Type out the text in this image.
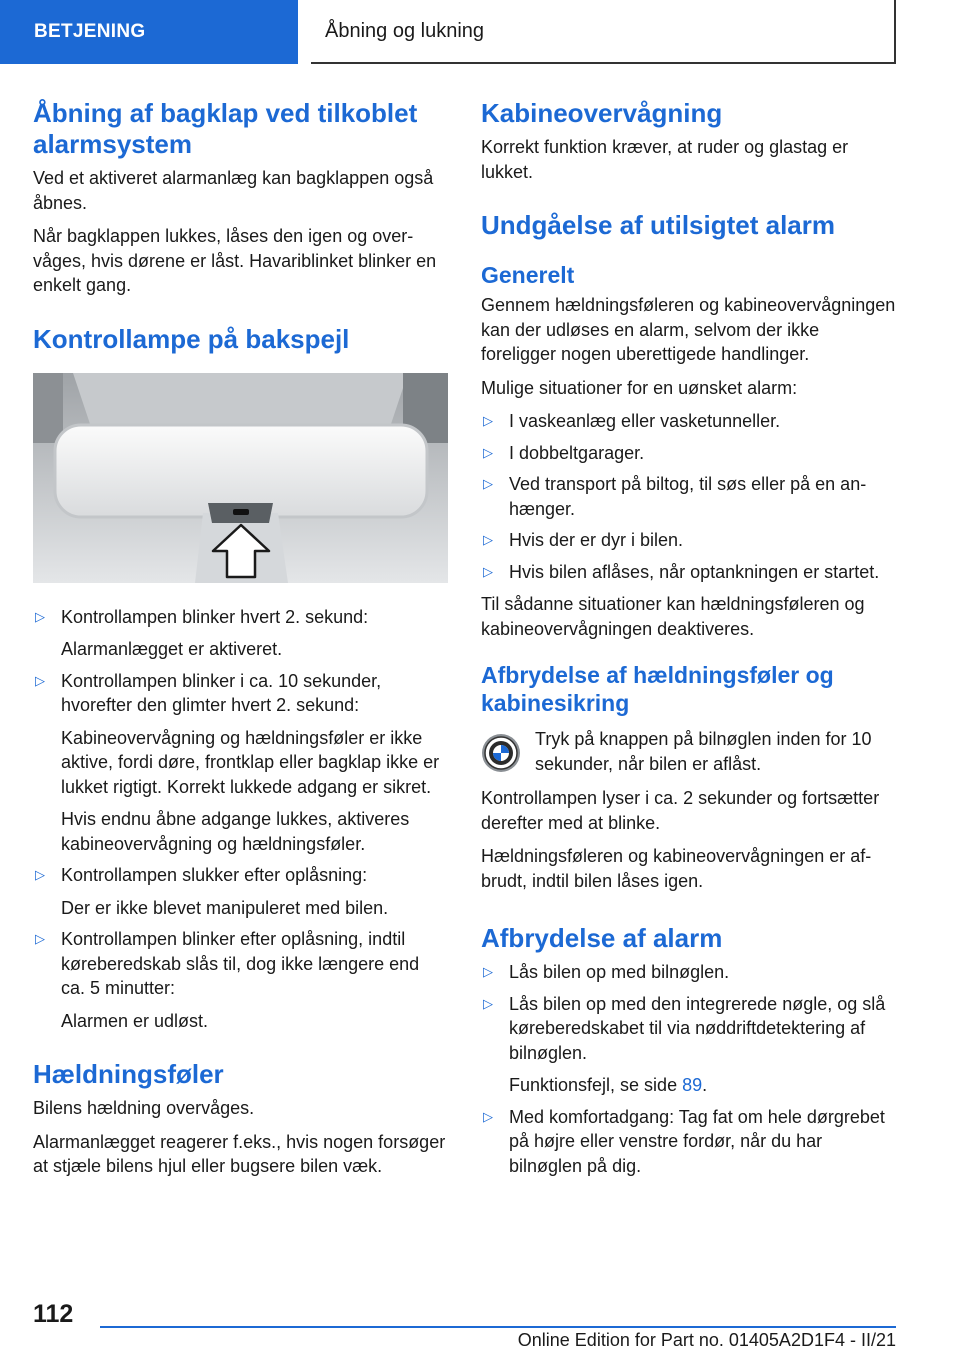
BETJENING	Åbning og lukning
Åbning af bagklap ved tilkoblet alarmsystem

Ved et aktiveret alarmanlæg kan bagklappen også åbnes.

Når bagklappen lukkes, låses den igen og overvåges, hvis dørene er låst. Havariblinket blinker en enkelt gang.

Kontrollampe på bakspejl
▷ Kontrollampen blinker hvert 2. sekund:

Alarmanlægget er aktiveret.

▷ Kontrollampen blinker i ca. 10 sekunder, hvorefter den glimter hvert 2. sekund:

Kabineovervågning og hældningsføler er ikke aktive, fordi døre, frontklap eller bagklap ikke er lukket rigtigt. Korrekt lukkede adgang er sikret.

Hvis endnu åbne adgange lukkes, aktiveres kabineovervågning og hældningsføler.

▷ Kontrollampen slukker efter oplåsning:

Der er ikke blevet manipuleret med bilen.

▷ Kontrollampen blinker efter oplåsning, indtil køreberedskab slås til, dog ikke længere end ca. 5 minutter:

Alarmen er udløst.

Hældningsføler

Bilens hældning overvåges.

Alarmanlægget reagerer f.eks., hvis nogen forsøger at stjæle bilens hjul eller bugsere bilen væk.

Kabineovervågning

Korrekt funktion kræver, at ruder og glastag er lukket.

Undgåelse af utilsigtet alarm
Generelt

Gennem hældningsføleren og kabineovervågningen kan der udløses en alarm, selvom der ikke foreligger nogen uberettigede handlinger.

Mulige situationer for en uønsket alarm:

▷ I vaskeanlæg eller vasketunneller.

▷ I dobbeltgarager.

▷ Ved transport på biltog, til søs eller på en anhænger.

▷ Hvis der er dyr i bilen.

▷ Hvis bilen aflåses, når optankningen er startet.

Til sådanne situationer kan hældningsføleren og kabineovervågningen deaktiveres.

Afbrydelse af hældningsføler og kabinesikring

Tryk på knappen på bilnøglen inden for 10 sekunder, når bilen er aflåst.

Kontrollampen lyser i ca. 2 sekunder og fortsætter derefter med at blinke.

Hældningsføleren og kabineovervågningen er afbrudt, indtil bilen låses igen.

Afbrydelse af alarm
▷ Lås bilen op med bilnøglen.

▷ Lås bilen op med den integrerede nøgle, og slå køreberedskabet til via nøddriftdetektering af bilnøglen.

Funktionsfejl, se side 89.

▷ Med komfortadgang: Tag fat om hele dørgrebet på højre eller venstre fordør, når du har bilnøglen på dig.

112
Online Edition for Part no. 01405A2D1F4 - II/21
